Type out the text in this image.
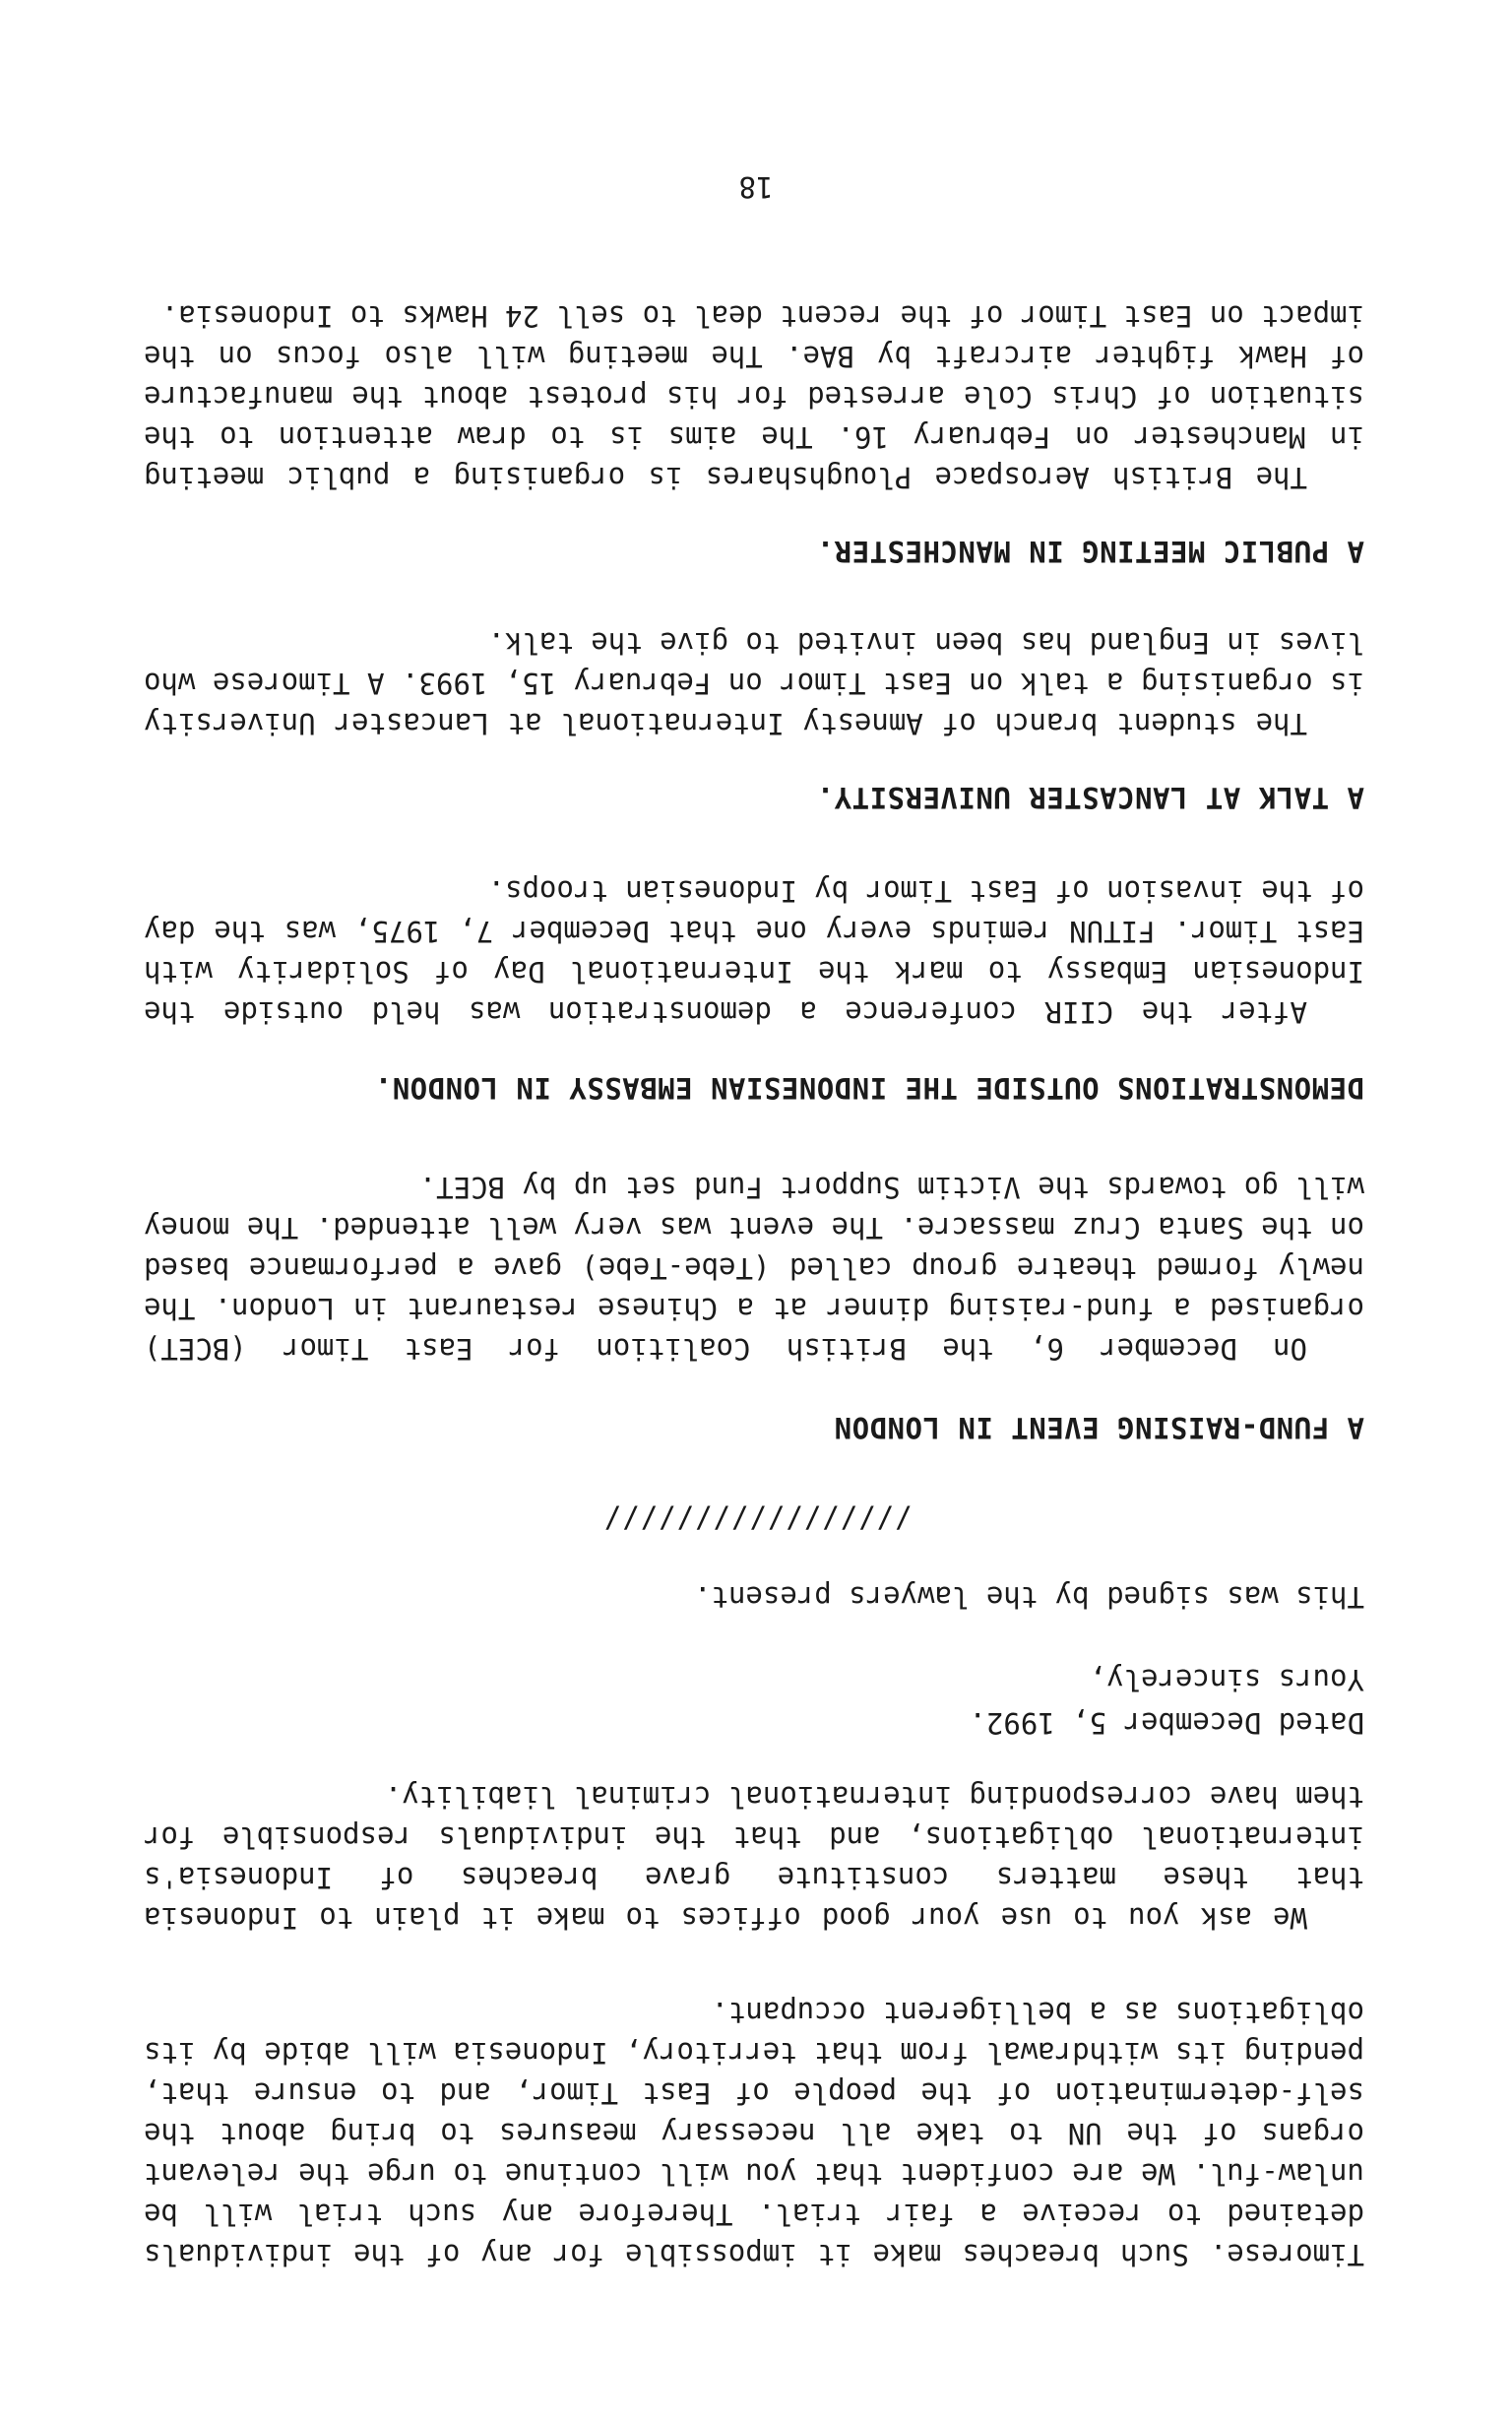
Timorese. Such breaches make it impossible for any of the individuals detained to receive a fair trial. Therefore any such trial will be unlaw-ful. We are confident that you will continue to urge the relevant organs of the UN to take all necessary measures to bring about the self-determination of the people of East Timor, and to ensure that, pending its withdrawal from that territory, Indonesia will abide by its obligations as a belligerent occupant.

We ask you to use your good offices to make it plain to Indonesia that these matters constitute grave breaches of Indonesia's international obligations, and that the individuals responsible for them have corresponding international criminal liability.

Dated December 5, 1992.

Yours sincerely,

This was signed by the lawyers present.

/////////////////

A FUND-RAISING EVENT IN LONDON

On December 6, the British Coalition for East Timor (BCET) organised a fund-raising dinner at a Chinese restaurant in London. The newly formed theatre group called (Tebe-Tebe) gave a performance based on the Santa Cruz massacre. The event was very well attended. The money will go towards the Victim Support Fund set up by BCET.

DEMONSTRATIONS OUTSIDE THE INDONESIAN EMBASSY IN LONDON.

After the CIIR conference a demonstration was held outside the Indonesian Embassy to mark the International Day of Solidarity with East Timor. FITUN reminds every one that December 7, 1975, was the day of the invasion of East Timor by Indonesian troops.

A TALK AT LANCASTER UNIVERSITY.

The student branch of Amnesty International at Lancaster University is organising a talk on East Timor on February 15, 1993. A Timorese who lives in England has been invited to give the talk.

A PUBLIC MEETING IN MANCHESTER.

The British Aerospace Ploughshares is organising a public meeting in Manchester on February 16. The aims is to draw attention to the situation of Chris Cole arrested for his protest about the manufacture of Hawk fighter aircraft by BAe. The meeting will also focus on the impact on East Timor of the recent deal to sell 24 Hawks to Indonesia.

18
